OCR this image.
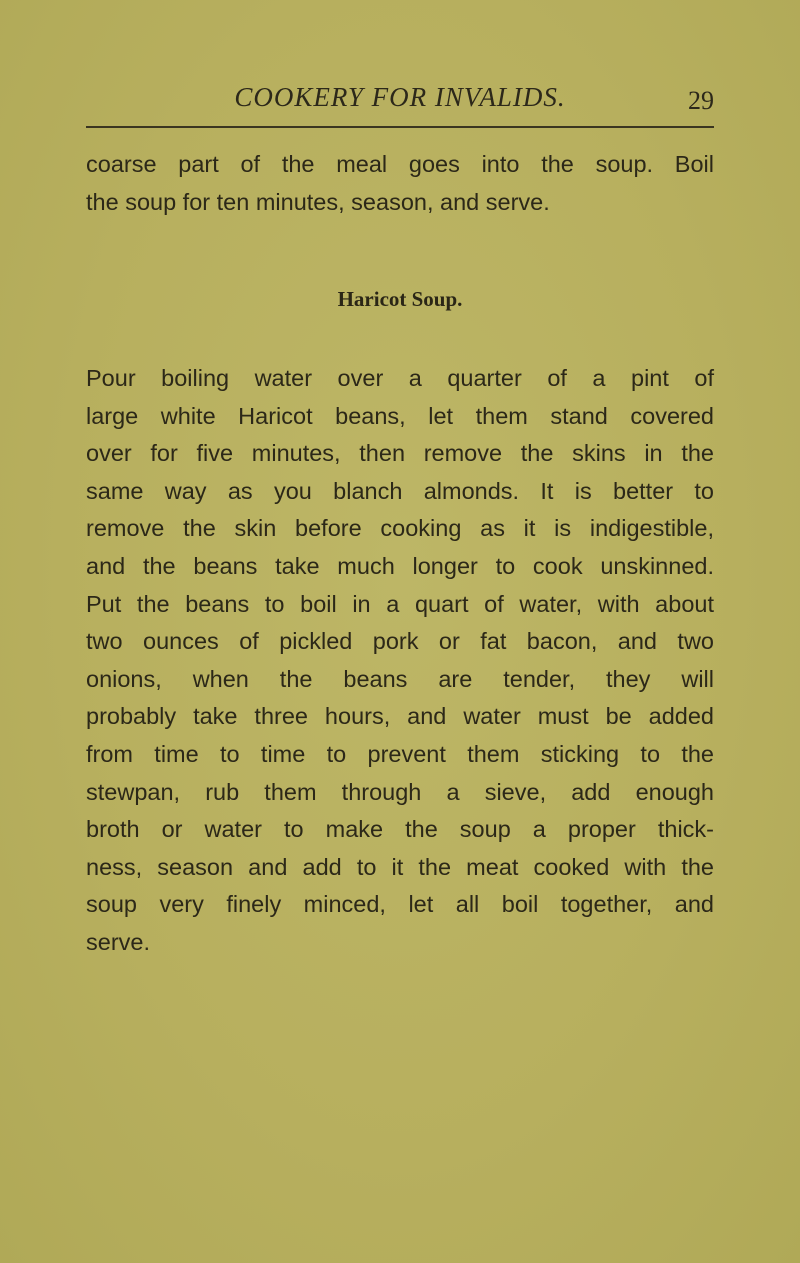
COOKERY FOR INVALIDS.	29
coarse part of the meal goes into the soup. Boil
the soup for ten minutes, season, and serve.
Haricot Soup.
Pour boiling water over a quarter of a pint of
large white Haricot beans, let them stand covered
over for five minutes, then remove the skins in the
same way as you blanch almonds. It is better to
remove the skin before cooking as it is indigestible,
and the beans take much longer to cook unskinned.
Put the beans to boil in a quart of water, with about
two ounces of pickled pork or fat bacon, and two
onions, when the beans are tender, they will
probably take three hours, and water must be added
from time to time to prevent them sticking to the
stewpan, rub them through a sieve, add enough
broth or water to make the soup a proper thick-
ness, season and add to it the meat cooked with the
soup very finely minced, let all boil together, and
serve.
